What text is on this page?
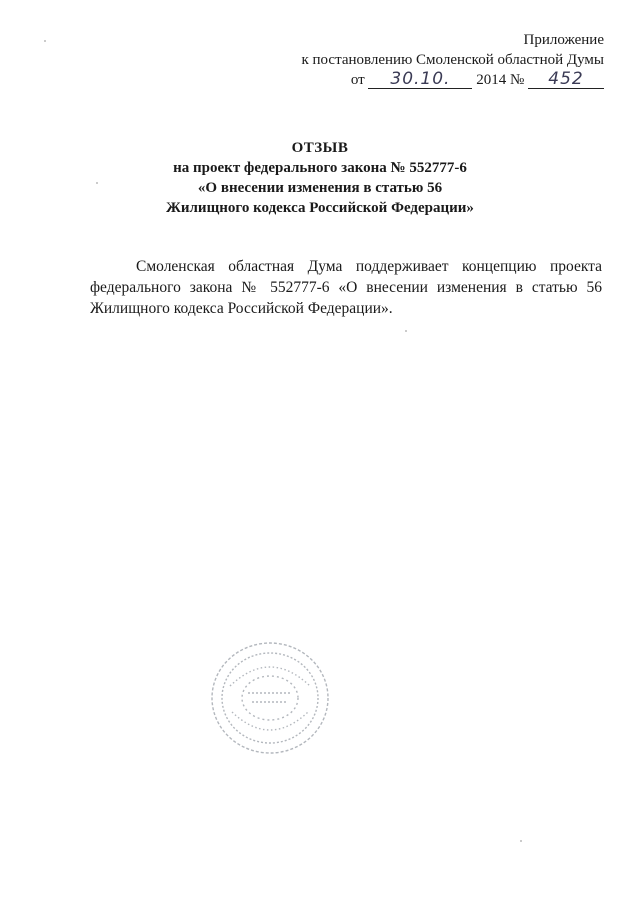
Приложение
к постановлению Смоленской областной Думы
от 30.10. 2014 № 452
ОТЗЫВ
на проект федерального закона № 552777-6
«О внесении изменения в статью 56
Жилищного кодекса Российской Федерации»

Смоленская областная Дума поддерживает концепцию проекта федерального закона № 552777-6 «О внесении изменения в статью 56 Жилищного кодекса Российской Федерации».
